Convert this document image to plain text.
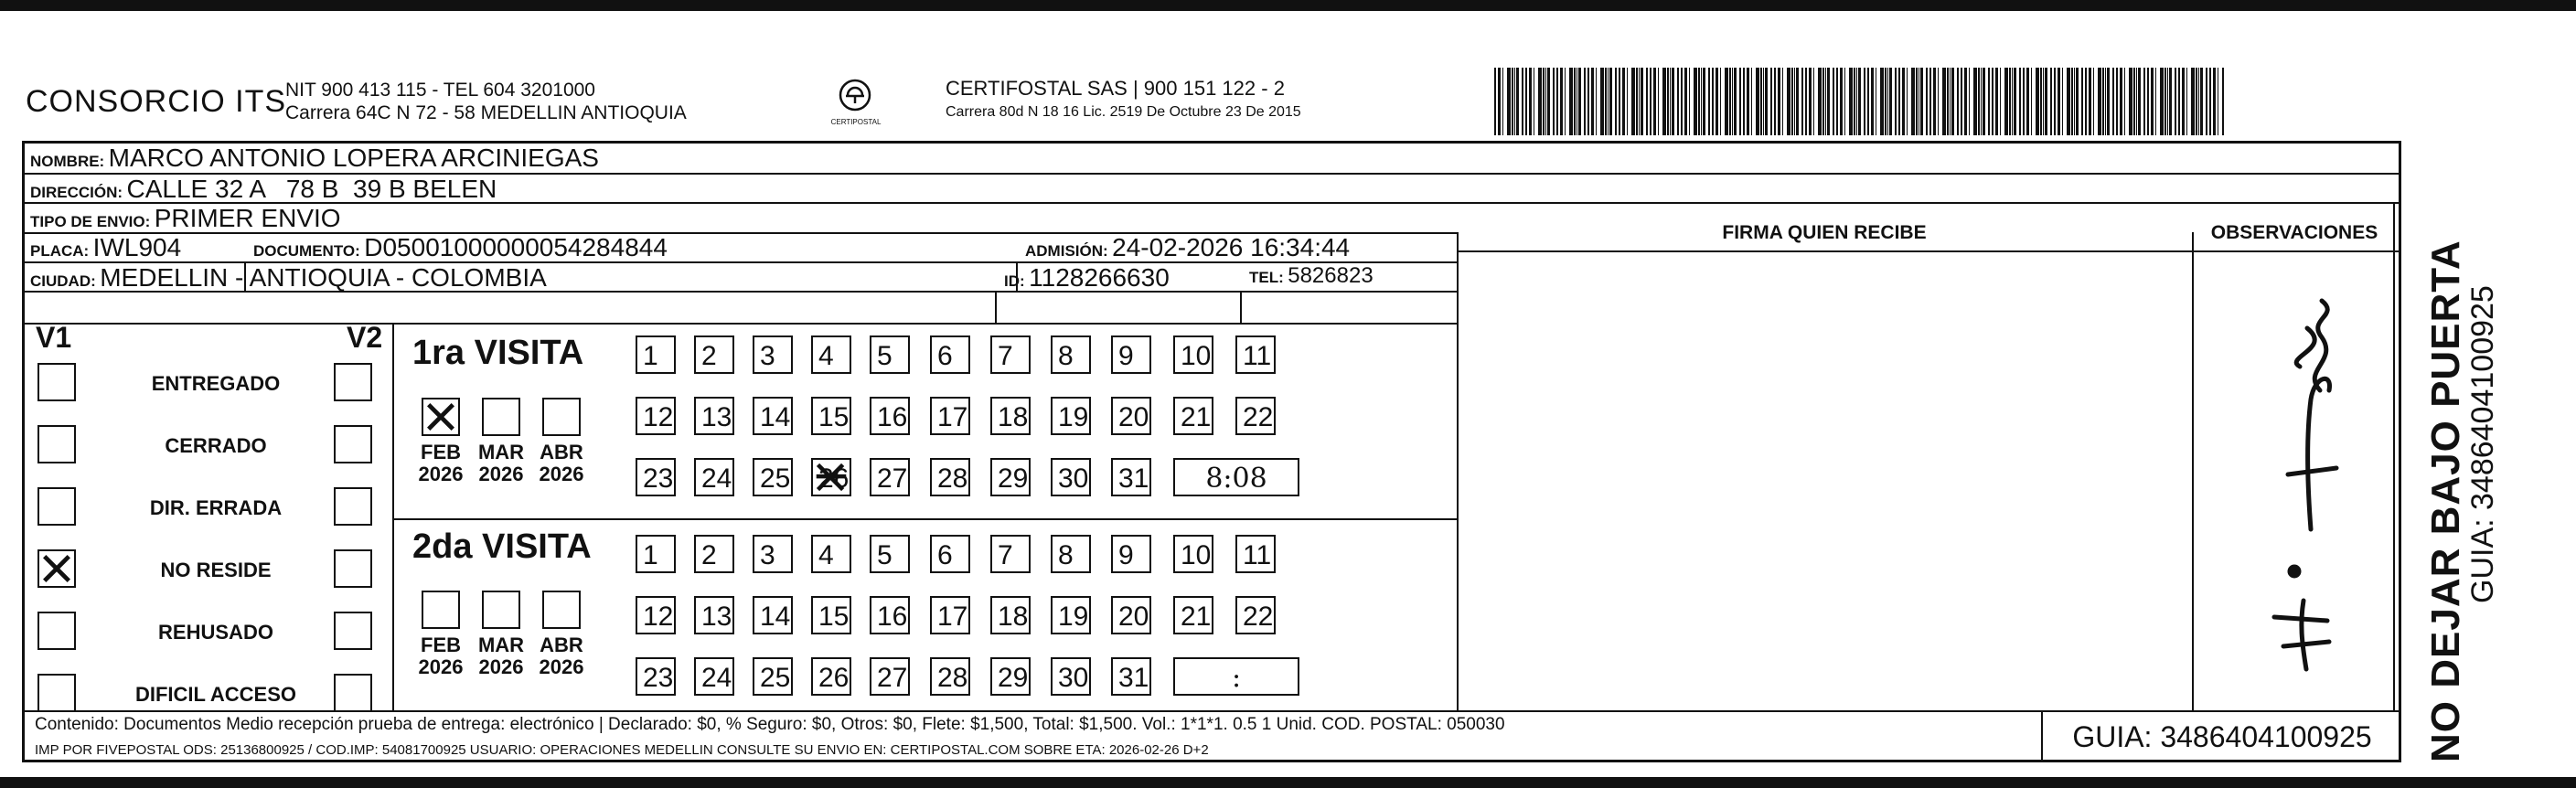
CONSORCIO ITS
NIT 900 413 115 - TEL 604 3201000
Carrera 64C N 72 - 58 MEDELLIN ANTIOQUIA	CERTIPOSTAL
CERTIFOSTAL SAS | 900 151 122 - 2
Carrera 80d N 18 16 Lic. 2519 De Octubre 23 De 2015
NOMBRE: MARCO ANTONIO LOPERA ARCINIEGAS
DIRECCIÓN: CALLE 32 A   78 B  39 B BELEN
TIPO DE ENVIO: PRIMER ENVIO
PLACA: IWL904	DOCUMENTO: D05001000000054284844	ADMISIÓN: 24-02-2026 16:34:44
CIUDAD: MEDELLIN - ANTIOQUIA - COLOMBIA	ID: 1128266630	TEL: 5826823
FIRMA QUIEN RECIBE	OBSERVACIONES
V1	V2
ENTREGADO
CERRADO
DIR. ERRADA
NO RESIDE
REHUSADO
DIFICIL ACCESO
1ra VISITA
FEB
2026
MAR
2026
ABR
2026
1 2 3 4 5 6 7 8 9 10 11
12 13 14 15 16 17 18 19 20 21 22
23 24 25 26 27 28 29 30 31 8:08
2da VISITA
FEB
2026
MAR
2026
ABR
2026
1 2 3 4 5 6 7 8 9 10 11
12 13 14 15 16 17 18 19 20 21 22
23 24 25 26 27 28 29 30 31	:
Contenido: Documentos Medio recepción prueba de entrega: electrónico | Declarado: $0, % Seguro: $0, Otros: $0, Flete: $1,500, Total: $1,500. Vol.: 1*1*1. 0.5 1 Unid. COD. POSTAL: 050030
IMP POR FIVEPOSTAL ODS: 25136800925 / COD.IMP: 54081700925 USUARIO: OPERACIONES MEDELLIN CONSULTE SU ENVIO EN: CERTIPOSTAL.COM SOBRE ETA: 2026-02-26 D+2	GUIA: 3486404100925	NO DEJAR BAJO PUERTA
GUIA: 3486404100925
